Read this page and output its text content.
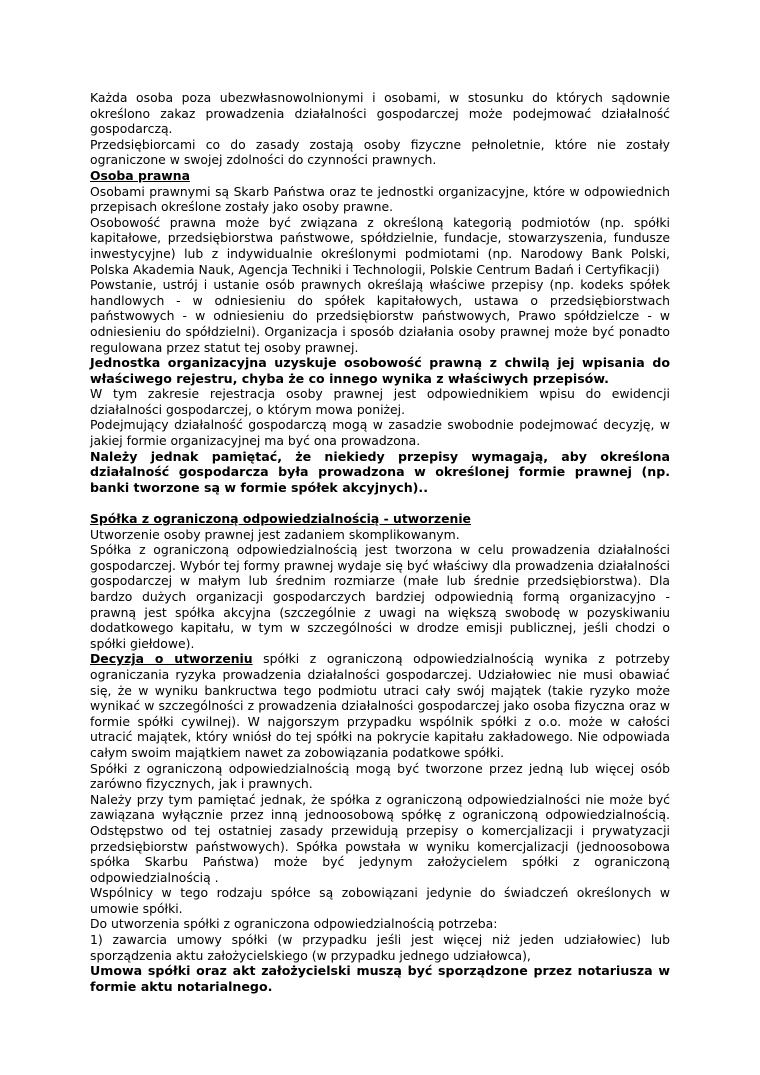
Każda osoba poza ubezwłasnowolnionymi i osobami, w stosunku do których sądownie określono zakaz prowadzenia działalności gospodarczej może podejmować działalność gospodarczą.

Przedsiębiorcami co do zasady zostają osoby fizyczne pełnoletnie, które nie zostały ograniczone w swojej zdolności do czynności prawnych.

Osoba prawna

Osobami prawnymi są Skarb Państwa oraz te jednostki organizacyjne, które w odpowiednich przepisach określone zostały jako osoby prawne.

Osobowość prawna może być związana z określoną kategorią podmiotów (np. spółki kapitałowe, przedsiębiorstwa państwowe, spółdzielnie, fundacje, stowarzyszenia, fundusze inwestycyjne) lub z indywidualnie określonymi podmiotami (np. Narodowy Bank Polski, Polska Akademia Nauk, Agencja Techniki i Technologii, Polskie Centrum Badań i Certyfikacji)

Powstanie, ustrój i ustanie osób prawnych określają właściwe przepisy (np. kodeks spółek handlowych - w odniesieniu do spółek kapitałowych, ustawa o przedsiębiorstwach państwowych - w odniesieniu do przedsiębiorstw państwowych, Prawo spółdzielcze - w odniesieniu do spółdzielni). Organizacja i sposób działania osoby prawnej może być ponadto regulowana przez statut tej osoby prawnej.

Jednostka organizacyjna uzyskuje osobowość prawną z chwilą jej wpisania do właściwego rejestru, chyba że co innego wynika z właściwych przepisów.

W tym zakresie rejestracja osoby prawnej jest odpowiednikiem wpisu do ewidencji działalności gospodarczej, o którym mowa poniżej.

Podejmujący działalność gospodarczą mogą w zasadzie swobodnie podejmować decyzję, w jakiej formie organizacyjnej ma być ona prowadzona.

Należy jednak pamiętać, że niekiedy przepisy wymagają, aby określona działalność gospodarcza była prowadzona w określonej formie prawnej (np. banki tworzone są w formie spółek akcyjnych)..

Spółka z ograniczoną odpowiedzialnością - utworzenie

Utworzenie osoby prawnej jest zadaniem skomplikowanym.

Spółka z ograniczoną odpowiedzialnością jest tworzona w celu prowadzenia działalności gospodarczej. Wybór tej formy prawnej wydaje się być właściwy dla prowadzenia działalności gospodarczej w małym lub średnim rozmiarze (małe lub średnie przedsiębiorstwa). Dla bardzo dużych organizacji gospodarczych bardziej odpowiednią formą organizacyjno - prawną jest spółka akcyjna (szczególnie z uwagi na większą swobodę w pozyskiwaniu dodatkowego kapitału, w tym w szczególności w drodze emisji publicznej, jeśli chodzi o spółki giełdowe).

Decyzja o utworzeniu spółki z ograniczoną odpowiedzialnością wynika z potrzeby ograniczania ryzyka prowadzenia działalności gospodarczej. Udziałowiec nie musi obawiać się, że w wyniku bankructwa tego podmiotu utraci cały swój majątek (takie ryzyko może wynikać w szczególności z prowadzenia działalności gospodarczej jako osoba fizyczna oraz w formie spółki cywilnej). W najgorszym przypadku wspólnik spółki z o.o. może w całości utracić majątek, który wniósł do tej spółki na pokrycie kapitału zakładowego. Nie odpowiada całym swoim majątkiem nawet za zobowiązania podatkowe spółki.

Spółki z ograniczoną odpowiedzialnością mogą być tworzone przez jedną lub więcej osób zarówno fizycznych, jak i prawnych.

Należy przy tym pamiętać jednak, że spółka z ograniczoną odpowiedzialności nie może być zawiązana wyłącznie przez inną jednoosobową spółkę z ograniczoną odpowiedzialnością. Odstępstwo od tej ostatniej zasady przewidują przepisy o komercjalizacji i prywatyzacji przedsiębiorstw państwowych). Spółka powstała w wyniku komercjalizacji (jednoosobowa spółka Skarbu Państwa) może być jedynym założycielem spółki z ograniczoną odpowiedzialnością .

Wspólnicy w tego rodzaju spółce są zobowiązani jedynie do świadczeń określonych w umowie spółki.

Do utworzenia spółki z ograniczona odpowiedzialnością potrzeba:

1) zawarcia umowy spółki (w przypadku jeśli jest więcej niż jeden udziałowiec) lub sporządzenia aktu założycielskiego (w przypadku jednego udziałowca),

Umowa spółki oraz akt założycielski muszą być sporządzone przez notariusza w formie aktu notarialnego.
